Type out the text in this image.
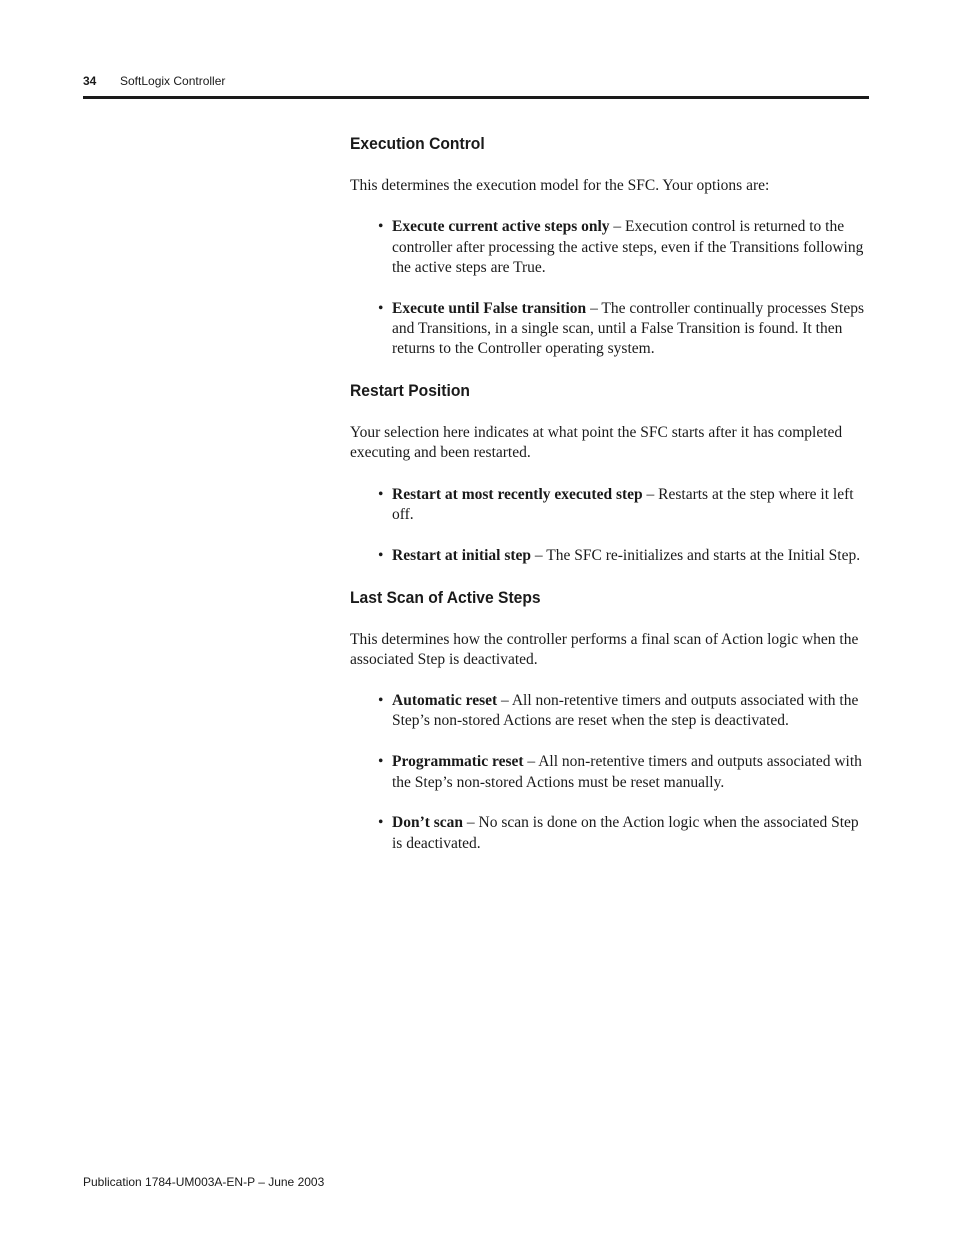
34 SoftLogix Controller
Execution Control

This determines the execution model for the SFC. Your options are:

• Execute current active steps only – Execution control is returned to the controller after processing the active steps, even if the Transitions following the active steps are True.
• Execute until False transition – The controller continually processes Steps and Transitions, in a single scan, until a False Transition is found. It then returns to the Controller operating system.
Restart Position

Your selection here indicates at what point the SFC starts after it has completed executing and been restarted.

• Restart at most recently executed step – Restarts at the step where it left off.
• Restart at initial step – The SFC re-initializes and starts at the Initial Step.
Last Scan of Active Steps

This determines how the controller performs a final scan of Action logic when the associated Step is deactivated.

• Automatic reset – All non-retentive timers and outputs associated with the Step’s non-stored Actions are reset when the step is deactivated.
• Programmatic reset – All non-retentive timers and outputs associated with the Step’s non-stored Actions must be reset manually.
• Don’t scan – No scan is done on the Action logic when the associated Step is deactivated.
Publication 1784-UM003A-EN-P – June 2003
